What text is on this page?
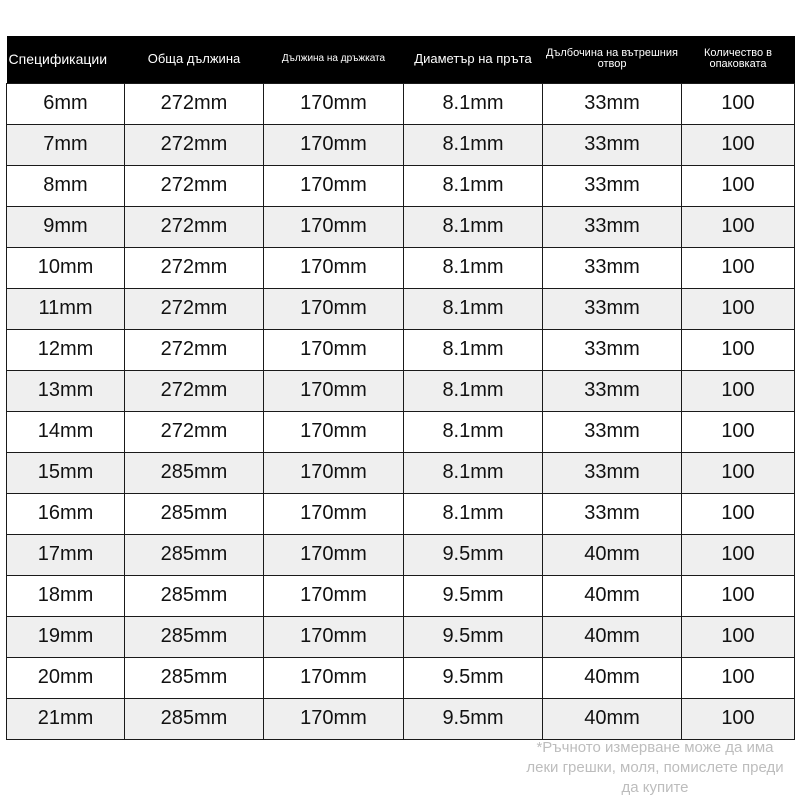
Спецификации	Обща дължина	Дължина на дръжката	Диаметър на пръта	Дълбочина на вътрешния отвор	Количество в опаковката
6mm	272mm	170mm	8.1mm	33mm	100
7mm	272mm	170mm	8.1mm	33mm	100
8mm	272mm	170mm	8.1mm	33mm	100
9mm	272mm	170mm	8.1mm	33mm	100
10mm	272mm	170mm	8.1mm	33mm	100
11mm	272mm	170mm	8.1mm	33mm	100
12mm	272mm	170mm	8.1mm	33mm	100
13mm	272mm	170mm	8.1mm	33mm	100
14mm	272mm	170mm	8.1mm	33mm	100
15mm	285mm	170mm	8.1mm	33mm	100
16mm	285mm	170mm	8.1mm	33mm	100
17mm	285mm	170mm	9.5mm	40mm	100
18mm	285mm	170mm	9.5mm	40mm	100
19mm	285mm	170mm	9.5mm	40mm	100
20mm	285mm	170mm	9.5mm	40mm	100
21mm	285mm	170mm	9.5mm	40mm	100
*Ръчното измерване може да има леки грешки, моля, помислете преди да купите
